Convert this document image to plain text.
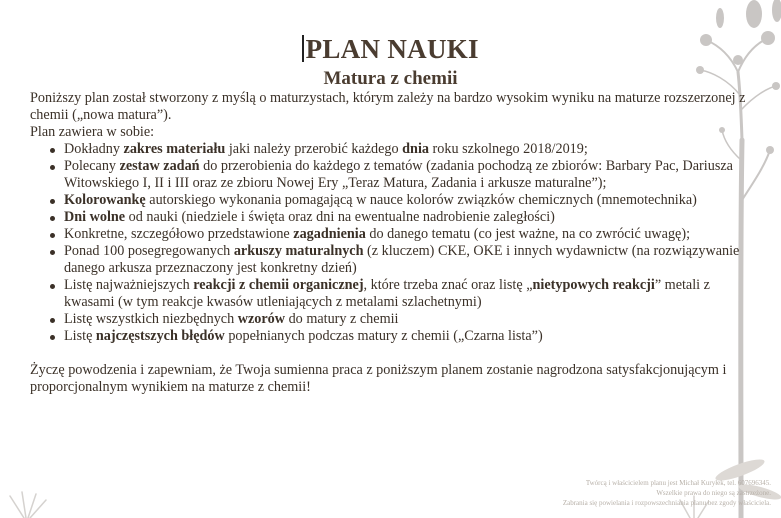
PLAN NAUKI
Matura z chemii

Poniższy plan został stworzony z myślą o maturzystach, którym zależy na bardzo wysokim wyniku na maturze rozszerzonej z chemii („nowa matura”).

Plan zawiera w sobie:

Dokładny zakres materiału jaki należy przerobić każdego dnia roku szkolnego 2018/2019;
Polecany zestaw zadań do przerobienia do każdego z tematów (zadania pochodzą ze zbiorów: Barbary Pac, Dariusza Witowskiego I, II i III oraz ze zbioru Nowej Ery „Teraz Matura, Zadania i arkusze maturalne”);
Kolorowankę autorskiego wykonania pomagającą w nauce kolorów związków chemicznych (mnemotechnika)
Dni wolne od nauki (niedziele i święta oraz dni na ewentualne nadrobienie zaległości)
Konkretne, szczegółowo przedstawione zagadnienia do danego tematu (co jest ważne, na co zwrócić uwagę);
Ponad 100 posegregowanych arkuszy maturalnych (z kluczem) CKE, OKE i innych wydawnictw (na rozwiązywanie danego arkusza przeznaczony jest konkretny dzień)
Listę najważniejszych reakcji z chemii organicznej, które trzeba znać oraz listę „nietypowych reakcji” metali z kwasami (w tym reakcje kwasów utleniających z metalami szlachetnymi)
Listę wszystkich niezbędnych wzorów do matury z chemii
Listę najczęstszych błędów popełnianych podczas matury z chemii („Czarna lista”)

Życzę powodzenia i zapewniam, że Twoja sumienna praca z poniższym planem zostanie nagrodzona satysfakcjonującym i proporcjonalnym wynikiem na maturze z chemii!

Twórcą i właścicielem planu jest Michał Kuryłek, tel. 607696345.
Wszelkie prawa do niego są zastrzeżone.
Zabrania się powielania i rozpowszechniania planu bez zgody właściciela.
